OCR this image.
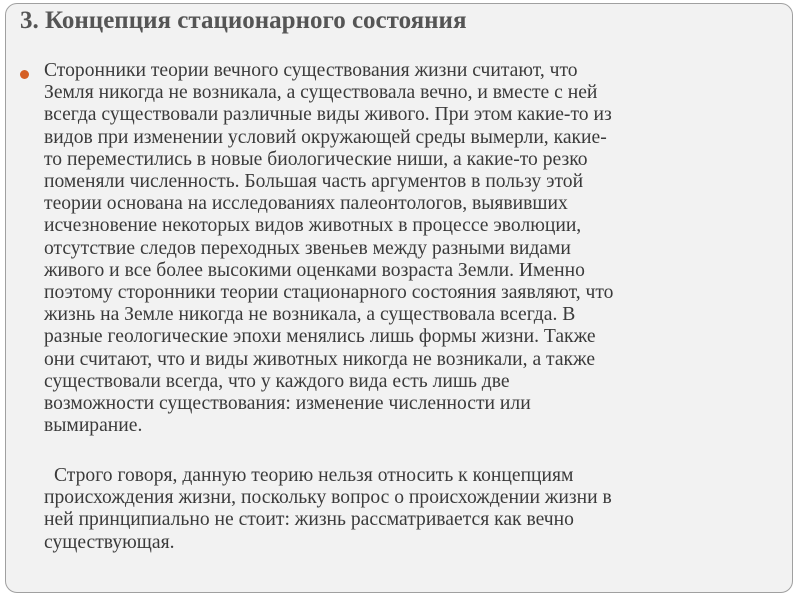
3. Концепция стационарного состояния

Сторонники теории вечного существования жизни считают, что
Земля никогда не возникала, а существовала вечно, и вместе с ней
всегда существовали различные виды живого. При этом какие-то из
видов при изменении условий окружающей среды вымерли, какие-
то переместились в новые биологические ниши, а какие-то резко
поменяли численность. Большая часть аргументов в пользу этой
теории основана на исследованиях палеонтологов, выявивших
исчезновение некоторых видов животных в процессе эволюции,
отсутствие следов переходных звеньев между разными видами
живого и все более высокими оценками возраста Земли. Именно
поэтому сторонники теории стационарного состояния заявляют, что
жизнь на Земле никогда не возникала, а существовала всегда. В
разные геологические эпохи менялись лишь формы жизни. Также
они считают, что и виды животных никогда не возникали, а также
существовали всегда, что у каждого вида есть лишь две
возможности существования: изменение численности или
вымирание.

Строго говоря, данную теорию нельзя относить к концепциям
происхождения жизни, поскольку вопрос о происхождении жизни в
ней принципиально не стоит: жизнь рассматривается как вечно
существующая.
